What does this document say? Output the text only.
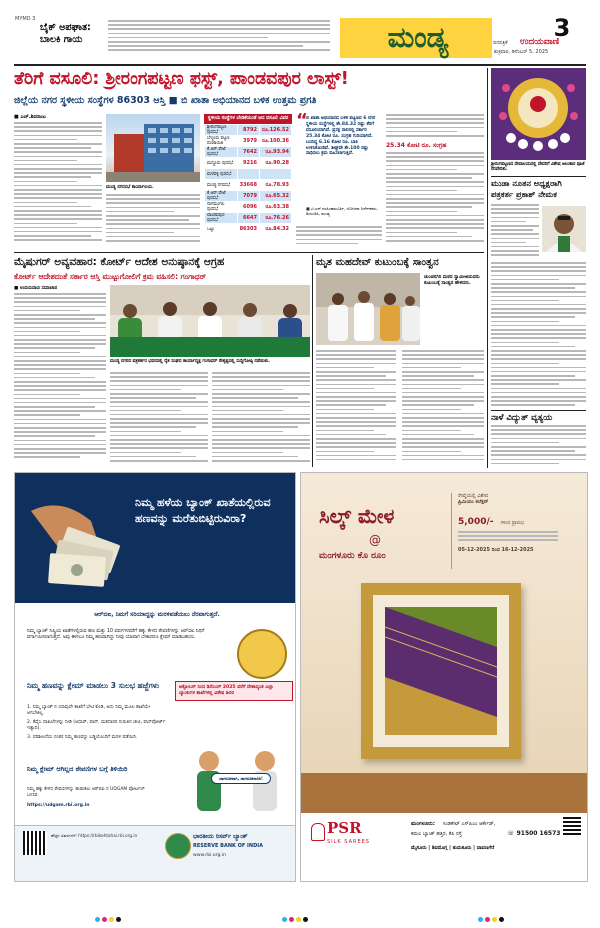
MYMD 3
ಬೈಕ್ ಅಪಘಾತ: ಬಾಲಕಿ ಗಾಯ	ಮಂಡ್ಯ	3
ದಿನಪತ್ರಿಕೆ ಉದಯವಾಣಿ
ಶುಕ್ರವಾರ, ಡಿಸೆಂಬರ್ 5, 2025
ತೆರಿಗೆ ವಸೂಲಿ: ಶ್ರೀರಂಗಪಟ್ಟಣ ಫಸ್ಟ್, ಪಾಂಡವಪುರ ಲಾಸ್ಟ್!
ಜಿಲ್ಲೆಯ ನಗರ ಸ್ಥಳೀಯ ಸಂಸ್ಥೆಗಳ 86303 ಆಸ್ತಿ ■ ಬಿ ಖಾತಾ ಅಭಿಯಾನದ ಬಳಿಕ ಉತ್ತಮ ಪ್ರಗತಿ
■ ಎಚ್.ಶಿವರಾಜು
ಮಂಡ್ಯ ನಗರಸಭೆ ಕಾರ್ಯಾಲಯ.
ಸ್ಥಳೀಯ ಸಂಸ್ಥೆಗಳ ಬೇಡಿಕೆಯಂತೆ ಆದ ವಸೂಲಿ ವಿವರ
ಶ್ರೀರಂಗಪಟ್ಟಣ ಪುರಸಭೆ	8792	ರೂ.126.52
ಬೆಳ್ಳೂರು ಪಟ್ಟಣ ಪಂಚಾಯಿತಿ	3979	ರೂ.100.36
ಕೆ.ಆರ್.ಪೇಟೆ ಪುರಸಭೆ	7642	ರೂ.93.94
ಮದ್ದೂರು ಪುರಸಭೆ	9216	ರೂ.90.28
ಮಳವಳ್ಳಿ ಪುರಸಭೆ		
ಮಂಡ್ಯ ನಗರಸಭೆ	33668	ರೂ.78.93
ಕೆ.ಆರ್.ಪೇಟೆ ಪುರಸಭೆ	7079	ರೂ.65.32
ನಾಗಮಂಗಲ ಪುರಸಭೆ	6096	ರೂ.63.38
ಪಾಂಡವಪುರ ಪುರಸಭೆ	6647	ರೂ.76.26
ಒಟ್ಟು	86303	ರೂ.84.32
“
ಬಿ ಖಾತಾ ಅಭಿಯಾನದ ಬಳಿಕ ಪಟ್ಟಣದ 6 ನಗರ ಸ್ಥಳೀಯ ಸಂಸ್ಥೆಗಳಲ್ಲಿ ಶೇ.84.32 ರಷ್ಟು ತೆರಿಗೆ ವಸೂಲಿಯಾಗಿದೆ. ಪ್ರಸಕ್ತ ಸಾಲಿನಲ್ಲಿ ಸರ್ಕಾರ 25.34 ಕೋಟಿ ರೂ. ಸಂಗ್ರಹ ಗುರಿಯಾಗಿದೆ. ಬಂದಿದ್ದ 6.16 ಕೋಟಿ ರೂ. ಬಾಕಿ ಉಳಿಸಿಕೊಂಡಿವೆ. ಶೀಘ್ರವೇ ಶೇ.100 ರಷ್ಟು ಸಾಧಿಸಲು ಕ್ರಮ ವಹಿಸಲಾಗುತ್ತಿದೆ.
■ ಟಿ.ಎನ್.ನರಸಿಂಹಮೂರ್ತಿ, ಯೋಜನಾ ನಿರ್ದೇಶಕರು, ಡಿಯುಡಿಸಿ, ಮಂಡ್ಯ
25.34 ಕೋಟಿ ರೂ. ಸಂಗ್ರಹ
ಮೈಷುಗರ್ ಅವ್ಯವಹಾರ: ಕೋರ್ಟ್ ಆದೇಶ ಅನುಷ್ಠಾನಕ್ಕೆ ಆಗ್ರಹ
ಕೋರ್ಟ್ ಆದೇಶದಂತೆ ಸರ್ಕಾರ ಆಸ್ತಿ ಮುಟ್ಟುಗೋಲಿಗೆ ಕ್ರಮ ವಹಿಸಲಿ: ಗಂಗಾಧರ್
■ ಉದಯವಾಣಿ ಸಮಾಚಾರ
ಮಂಡ್ಯ ನಗರದ ಪತ್ರಕರ್ತರ ಭವನದಲ್ಲಿ ರೈತ ಸಂಘದ ಕಾರ್ಯಾಧ್ಯಕ್ಷ ಗಂಗಾಧರ್ ನೇತೃತ್ವದಲ್ಲಿ ಸುದ್ದಿಗೋಷ್ಠಿ ನಡೆಯಿತು.
ಮೃತ ಮಹದೇವ್ ಕುಟುಂಬಕ್ಕೆ ಸಾಂತ್ವನ
ಚುಂಚನಗಿರಿ ಮಠದ ಸ್ವಾಮೀಜಿಯವರು ಕುಟುಂಬಕ್ಕೆ ಸಾಂತ್ವನ ಹೇಳಿದರು.
ಶ್ರೀರಂಗಪಟ್ಟಣದ ದೇವಾಲಯದಲ್ಲಿ ದೇವರಿಗೆ ವಿಶೇಷ ಅಲಂಕಾರ ಪೂಜೆ ನೆರವೇರಿತು.
ಮುಡಾ ನೂತನ ಅಧ್ಯಕ್ಷರಾಗಿ ಪತ್ರಕರ್ತ ಪ್ರಕಾಶ್ ನೇಮಕ
ನಾಳೆ ವಿದ್ಯುತ್ ವ್ಯತ್ಯಯ
ನಿಮ್ಮ ಹಳೆಯ ಬ್ಯಾಂಕ್ ಖಾತೆಯಲ್ಲಿರುವ ಹಣವನ್ನು ಮರೆತುಬಿಟ್ಟಿರುವಿರಾ?
ಆರ್‌ಬಿಐ, ನಿಮಗೆ ಸರಿಯಾದ್ದನ್ನು ಮರಳಿಪಡೆಯಲು ನೆರವಾಗುತ್ತದೆ.
ನಿಮ್ಮ ಬ್ಯಾಂಕ್ ನಿಷ್ಕ್ರಿಯ ಖಾತೆಗಳಲ್ಲಿರುವ ಹಣ ಮತ್ತು 10 ವರ್ಷಗಳವರೆಗೆ ಹಕ್ಕು ಕೇಳದ ಠೇವಣಿಗಳನ್ನು ಆರ್‌ಬಿಐ ನಿಧಿಗೆ ವರ್ಗಾಯಿಸಲಾಗುತ್ತದೆ. ಅವು ಈಗಲೂ ನಿಮ್ಮ ಹಣವಾಗಿದ್ದು ನೀವು ಯಾವಾಗ ಬೇಕಾದರೂ ಕ್ಲೇಮ್ ಮಾಡಬಹುದು.
ನಿಮ್ಮ ಹಣವನ್ನು ಕ್ಲೇಮ್ ಮಾಡಲು 3 ಸುಲಭ ಹಜ್ಜೆಗಳು
1. ನಿಮ್ಮ ಬ್ಯಾಂಕ್ ನ ಯಾವುದೇ ಶಾಖೆಗೆ ಭೇಟಿ ಕೊಡಿ, ಅದು ನಿಮ್ಮ ಮೂಲ ಶಾಖೆಯೇ ಆಗಬೇಕಿಲ್ಲ.
2. ಕೆವೈಸಿ ದಾಖಲೆಗಳನ್ನು ನೀಡಿ (ಆಧಾರ್, ಪಾನ್, ಮತದಾರರ ಗುರುತಿನ ಚೀಟಿ, ಪಾಸ್‌ಪೋರ್ಟ್ ಇತ್ಯಾದಿ).
3. ಪರಿಶೀಲನೆಯ ನಂತರ ನಿಮ್ಮ ಹಣವನ್ನು ಬಡ್ಡಿಯೊಂದಿಗೆ ಮರಳಿ ಪಡೆಯಿರಿ.
ಅಕ್ಟೋಬರ್ ನಿಂದ ಡಿಸೆಂಬರ್ 2025 ವರೆಗೆ ದೇಶಾದ್ಯಂತ ಎಲ್ಲಾ ಬ್ಯಾಂಕುಗಳ ಶಾಖೆಗಳಲ್ಲಿ ವಿಶೇಷ ಶಿಬಿರ
ನಿಮ್ಮ ಕ್ಲೇಮ್ ಆಗಿಲ್ಲದ ಠೇವಣಿಗಳ ಬಗ್ಗೆ ತಿಳಿಯಿರಿ
ನಿಮ್ಮ ಹಕ್ಕು ಕೇಳದ ಠೇವಣಿಗಳನ್ನು ಹುಡುಕಲು ಆರ್‌ಬಿಐ ನ UDGAM ಪೋರ್ಟಲ್ ಬಳಸಿರಿ.
https://udgam.rbi.org.in
ಜಾಗರೂಕರಾಗಿ, ಜಾಗರೂಕರಾಗಿರಿ!
ಹೆಚ್ಚಿನ ವಿವರಗಳಿಗೆ: https://rbikehtahai.rbi.org.in	ಭಾರತೀಯ ರಿಸರ್ವ್ ಬ್ಯಾಂಕ್
RESERVE BANK OF INDIA
www.rbi.org.in
ಸಿಲ್ಕ್ ಮೇಳ
@
ಮಂಗಳೂರು ಕೊ ರೂಂ
ರೇಷ್ಮೆಯಲ್ಲಿ ವಿಶೇಷ
ಪ್ರಿಮಿಯಂ ಕಲೆಕ್ಷನ್
5,000/- ಗಳಿಂದ ಪ್ರಾರಂಭ
05-12-2025 ರಿಂದ 16-12-2025
PSR
SILK SAREES
ಮಂಗಳೂರು: ಸಿಂಡಿಕೇಟ್ ಎಸ್‌ಪಿಎಂ ಆರ್ಕೇಡ್,
ಕಮಲ ಬ್ಯಾಂಕ್ ಹತ್ತಿರ, ಕೆಪಿ ರಸ್ತೆ	☏ 91500 16573
ಮೈಸೂರು | ಶಿವಮೊಗ್ಗ | ತುಮಕೂರು | ದಾವಣಗೆರೆ
